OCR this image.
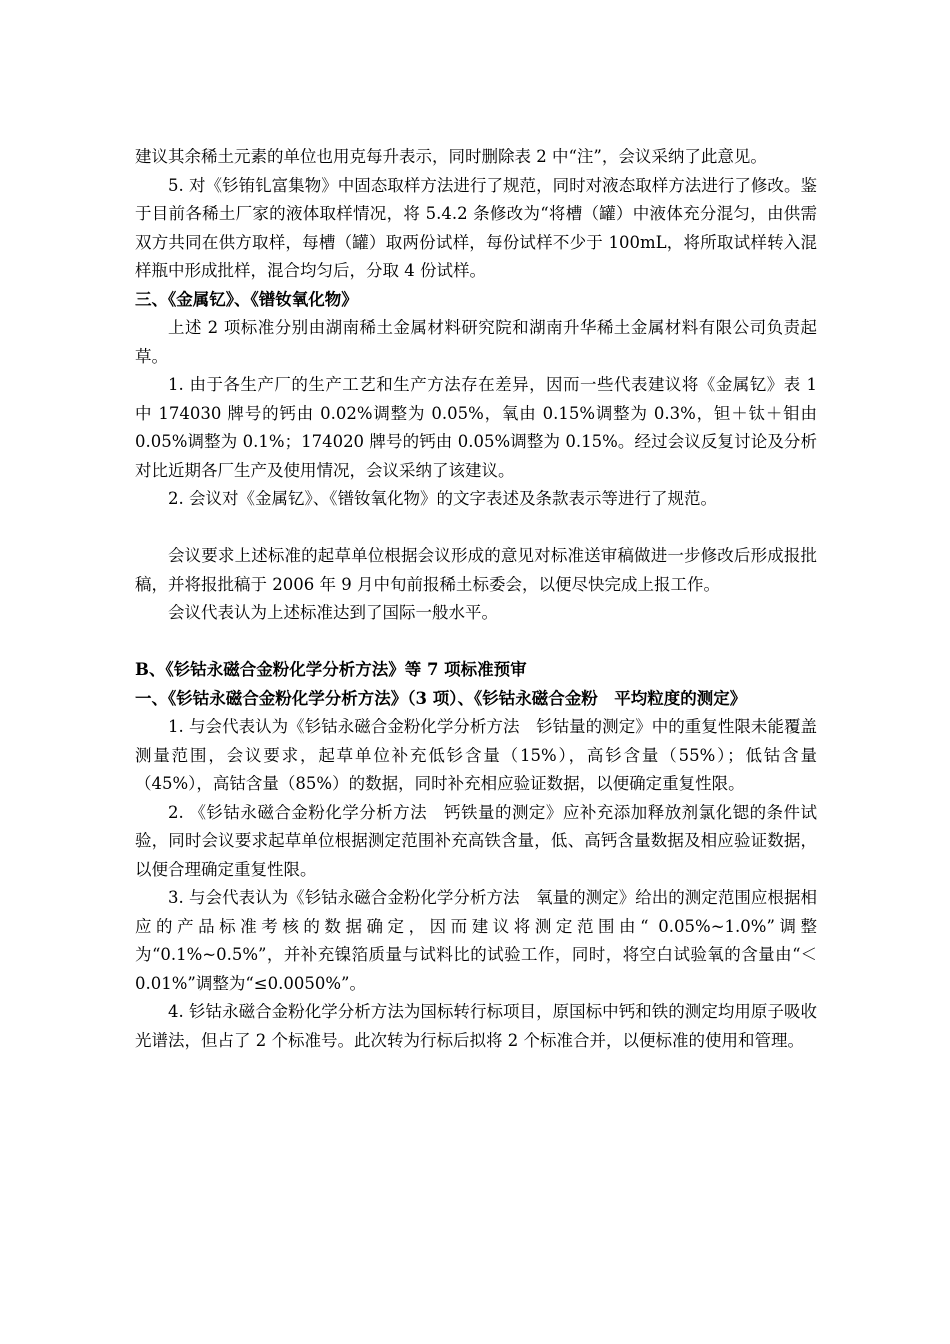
建议其余稀土元素的单位也用克每升表示，同时删除表 2 中“注”，会议采纳了此意见。

5. 对《钐铕钆富集物》中固态取样方法进行了规范，同时对液态取样方法进行了修改。鉴于目前各稀土厂家的液体取样情况，将 5.4.2 条修改为“将槽（罐）中液体充分混匀，由供需双方共同在供方取样，每槽（罐）取两份试样，每份试样不少于 100mL，将所取试样转入混样瓶中形成批样，混合均匀后，分取 4 份试样。

三、《金属钇》、《镨钕氧化物》

上述 2 项标准分别由湖南稀土金属材料研究院和湖南升华稀土金属材料有限公司负责起草。

1. 由于各生产厂的生产工艺和生产方法存在差异，因而一些代表建议将《金属钇》表 1 中 174030 牌号的钙由 0.02%调整为 0.05%，氧由 0.15%调整为 0.3%，钽＋钛＋钼由 0.05%调整为 0.1%；174020 牌号的钙由 0.05%调整为 0.15%。经过会议反复讨论及分析对比近期各厂生产及使用情况，会议采纳了该建议。

2. 会议对《金属钇》、《镨钕氧化物》的文字表述及条款表示等进行了规范。

会议要求上述标准的起草单位根据会议形成的意见对标准送审稿做进一步修改后形成报批稿，并将报批稿于 2006 年 9 月中旬前报稀土标委会，以便尽快完成上报工作。

会议代表认为上述标准达到了国际一般水平。

B、《钐钴永磁合金粉化学分析方法》等 7 项标准预审

一、《钐钴永磁合金粉化学分析方法》（3 项）、《钐钴永磁合金粉　平均粒度的测定》

1. 与会代表认为《钐钴永磁合金粉化学分析方法　钐钴量的测定》中的重复性限未能覆盖测量范围，会议要求，起草单位补充低钐含量（15%），高钐含量（55%）；低钴含量（45%），高钴含量（85%）的数据，同时补充相应验证数据，以便确定重复性限。

2. 《钐钴永磁合金粉化学分析方法　钙铁量的测定》应补充添加释放剂氯化锶的条件试验，同时会议要求起草单位根据测定范围补充高铁含量，低、高钙含量数据及相应验证数据，以便合理确定重复性限。

3. 与会代表认为《钐钴永磁合金粉化学分析方法　氧量的测定》给出的测定范围应根据相应的产品标准考核的数据确定，因而建议将测定范围由“ 0.05%~1.0%”调整为“0.1%~0.5%”，并补充镍箔质量与试料比的试验工作，同时，将空白试验氧的含量由“＜0.01%”调整为“≤0.0050%”。

4. 钐钴永磁合金粉化学分析方法为国标转行标项目，原国标中钙和铁的测定均用原子吸收光谱法，但占了 2 个标准号。此次转为行标后拟将 2 个标准合并，以便标准的使用和管理。
